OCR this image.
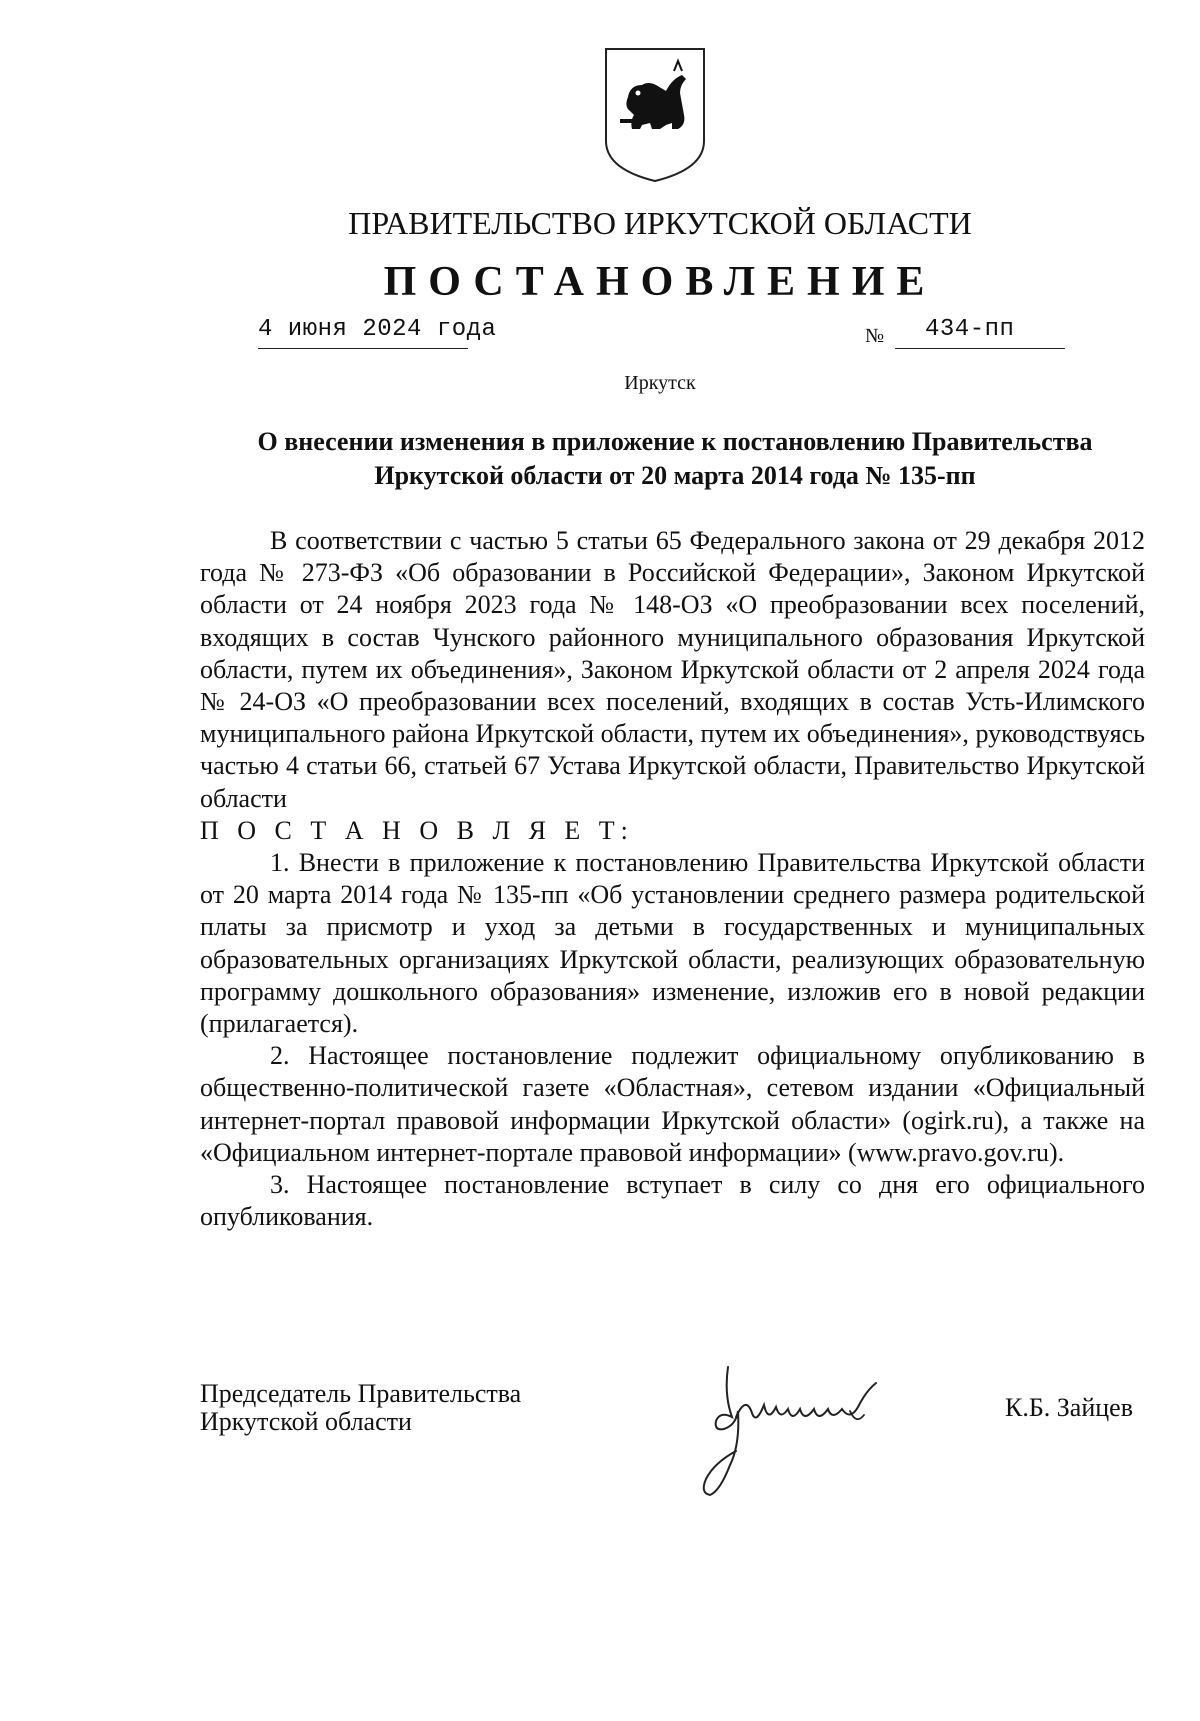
ПРАВИТЕЛЬСТВО ИРКУТСКОЙ ОБЛАСТИ
ПОСТАНОВЛЕНИЕ
4 июня 2024 года	№ 434-пп
Иркутск
О внесении изменения в приложение к постановлению Правительства
Иркутской области от 20 марта 2014 года № 135-пп

В соответствии с частью 5 статьи 65 Федерального закона от 29 декабря 2012 года № 273-ФЗ «Об образовании в Российской Федерации», Законом Иркутской области от 24 ноября 2023 года № 148-ОЗ «О преобразовании всех поселений, входящих в состав Чунского районного муниципального образования Иркутской области, путем их объединения», Законом Иркутской области от 2 апреля 2024 года № 24-ОЗ «О преобразовании всех поселений, входящих в состав Усть-Илимского муниципального района Иркутской области, путем их объединения», руководствуясь частью 4 статьи 66, статьей 67 Устава Иркутской области, Правительство Иркутской области

П О С Т А Н О В Л Я Е Т:

1. Внести в приложение к постановлению Правительства Иркутской области от 20 марта 2014 года № 135-пп «Об установлении среднего размера родительской платы за присмотр и уход за детьми в государственных и муниципальных образовательных организациях Иркутской области, реализующих образовательную программу дошкольного образования» изменение, изложив его в новой редакции (прилагается).

2. Настоящее постановление подлежит официальному опубликованию в общественно-политической газете «Областная», сетевом издании «Официальный интернет-портал правовой информации Иркутской области» (ogirk.ru), а также на «Официальном интернет-портале правовой информации» (www.pravo.gov.ru).

3. Настоящее постановление вступает в силу со дня его официального опубликования.

Председатель Правительства
Иркутской области	К.Б. Зайцев
